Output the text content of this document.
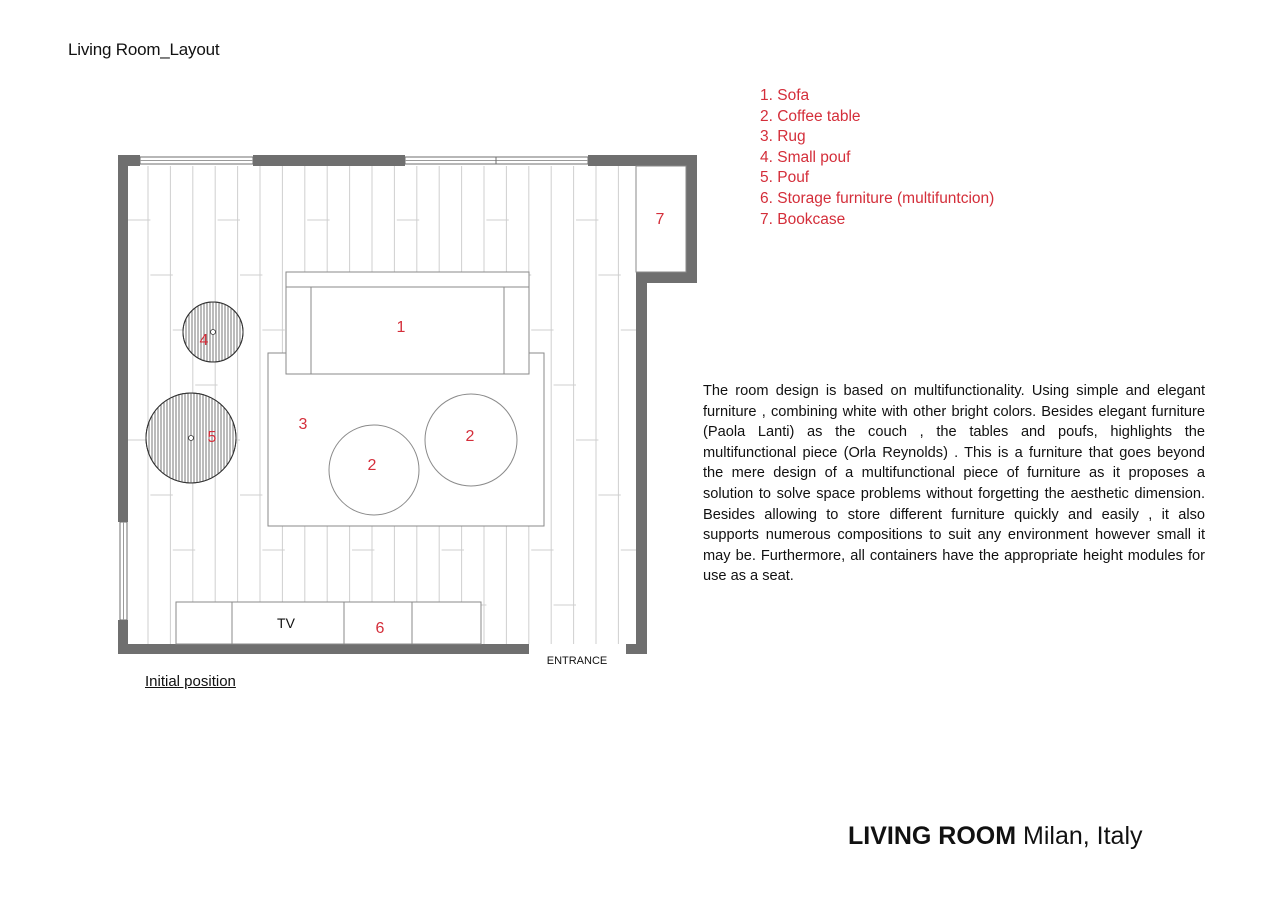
Living Room_Layout
1. Sofa
2. Coffee table
3. Rug
4. Small pouf
5. Pouf
6. Storage furniture (multifuntcion)
7. Bookcase

The room design is based on multifunctionality. Using simple and elegant furniture , combining white with other bright colors. Besides elegant furniture (Paola Lanti) as the couch , the tables and poufs, highlights the multifunctional piece (Orla Reynolds) . This is a furniture that goes beyond the mere design of a multifunctional piece of furniture as it proposes a solution to solve space problems without forgetting the aesthetic dimension. Besides allowing to store different furniture quickly and easily , it also supports numerous compositions to suit any environment however small it may be. Furthermore, all containers have the appropriate height modules for use as a seat.

1
2
2
3
4
5
6
7
TV
ENTRANCE
Initial position
LIVING ROOM Milan, Italy
